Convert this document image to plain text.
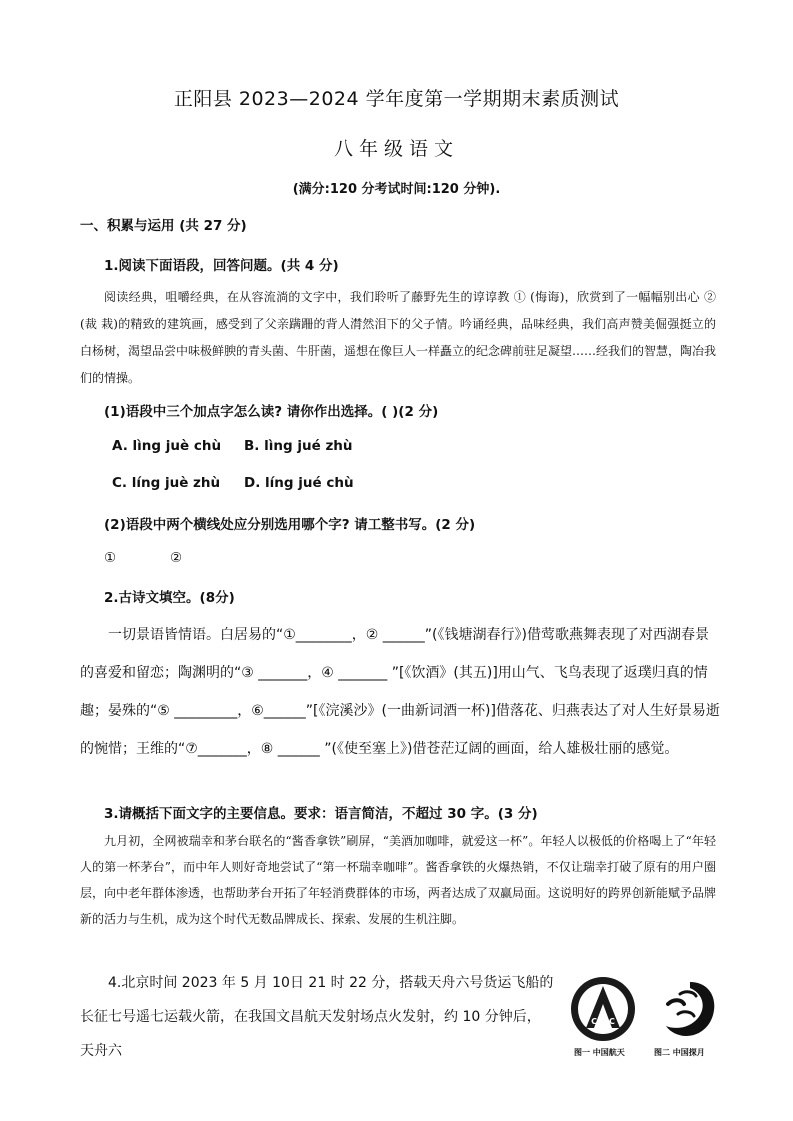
正阳县 2023—2024 学年度第一学期期末素质测试
八年级语文
(满分:120 分考试时间:120 分钟).
一、积累与运用 (共 27 分)
1.阅读下面语段，回答问题。(共 4 分)

阅读经典，咀嚼经典，在从容流淌的文字中，我们聆听了藤野先生的谆谆教 ① (悔诲)，欣赏到了一幅幅别出心 ② (裁 栽)的精致的建筑画，感受到了父亲蹒跚的背人潸然泪下的父子情。吟诵经典，品味经典，我们高声赞美倔强挺立的白杨树，渴望品尝中味极鲜腴的青头菌、牛肝菌，遥想在像巨人一样矗立的纪念碑前驻足凝望……经我们的智慧，陶冶我们的情操。

(1)语段中三个加点字怎么读? 请你作出选择。( )(2 分)
A. lìng juè chù B. lìng jué zhù
C. líng juè zhù D. líng jué chù
(2)语段中两个横线处应分别选用哪个字? 请工整书写。(2 分)
①	②
2.古诗文填空。(8分)
一切景语皆情语。白居易的“①________，② ______”(《钱塘湖春行》)借莺歌燕舞表现了对西湖春景的喜爱和留恋；陶渊明的“③ _______，④ _______ ”[《饮酒》(其五)]用山气、飞鸟表现了返璞归真的情趣；晏殊的“⑤ _________，⑥______”[《浣溪沙》(一曲新词酒一杯)]借落花、归燕表达了对人生好景易逝的惋惜；王维的“⑦_______，⑧ ______ ”(《使至塞上》)借苍茫辽阔的画面，给人雄极壮丽的感觉。
3.请概括下面文字的主要信息。要求：语言简洁，不超过 30 字。(3 分)
九月初，全网被瑞幸和茅台联名的“酱香拿铁”刷屏，“美酒加咖啡，就爱这一杯”。年轻人以极低的价格喝上了“年轻人的第一杯茅台”，而中年人则好奇地尝试了“第一杯瑞幸咖啡”。酱香拿铁的火爆热销，不仅让瑞幸打破了原有的用户圈层，向中老年群体渗透，也帮助茅台开拓了年轻消费群体的市场，两者达成了双赢局面。这说明好的跨界创新能赋予品牌新的活力与生机，成为这个时代无数品牌成长、探索、发展的生机注脚。
4.北京时间 2023 年 5 月 10日 21 时 22 分，搭载天舟六号货运飞船的长征七号遥七运载火箭，在我国文昌航天发射场点火发射，约 10 分钟后，天舟六
CASC
图一 中国航天	图二 中国探月
